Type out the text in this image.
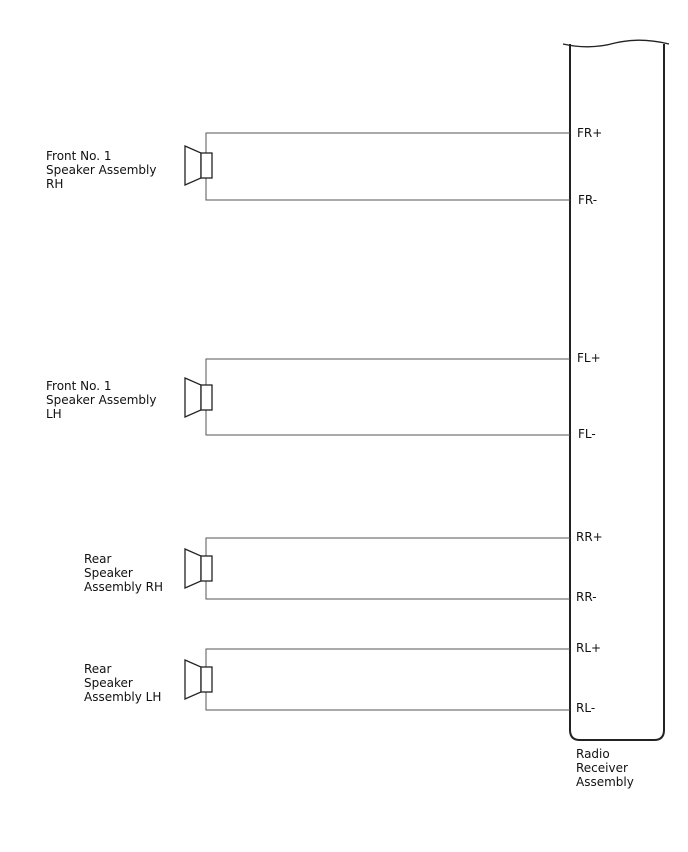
Radio Receiver Assembly
Front No. 1 Speaker Assembly RH
FR+
FR-
Front No. 1 Speaker Assembly LH
FL+
FL-
Rear Speaker Assembly RH
RR+
RR-
Rear Speaker Assembly LH
RL+
RL-
